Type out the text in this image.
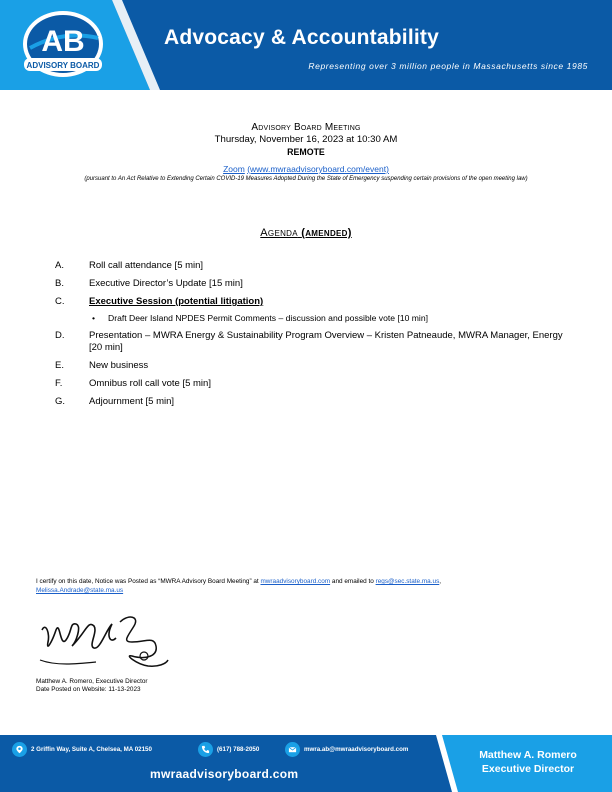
AB
ADVISORY BOARD
Advocacy & Accountability
Representing over 3 million people in Massachusetts since 1985
Advisory Board Meeting
Thursday, November 16, 2023 at 10:30 AM
REMOTE
Zoom (www.mwraadvisoryboard.com/event)
(pursuant to An Act Relative to Extending Certain COVID-19 Measures Adopted During the State of Emergency suspending certain provisions of the open meeting law)
Agenda (amended)
A.	Roll call attendance [5 min]
B.	Executive Director’s Update [15 min]
C.	Executive Session (potential litigation)
• Draft Deer Island NPDES Permit Comments – discussion and possible vote [10 min]
D.	Presentation – MWRA Energy & Sustainability Program Overview – Kristen Patneaude, MWRA Manager, Energy [20 min]
E.	New business
F.	Omnibus roll call vote [5 min]
G.	Adjournment [5 min]
I certify on this date, Notice was Posted as “MWRA Advisory Board Meeting” at mwraadvisoryboard.com and emailed to regs@sec.state.ma.us,
Melissa.Andrade@state.ma.us
Matthew A. Romero, Executive Director
Date Posted on Website: 11-13-2023
2 Griffin Way, Suite A, Chelsea, MA 02150	(617) 788-2050	mwra.ab@mwraadvisoryboard.com
mwraadvisoryboard.com
Matthew A. Romero
Executive Director
